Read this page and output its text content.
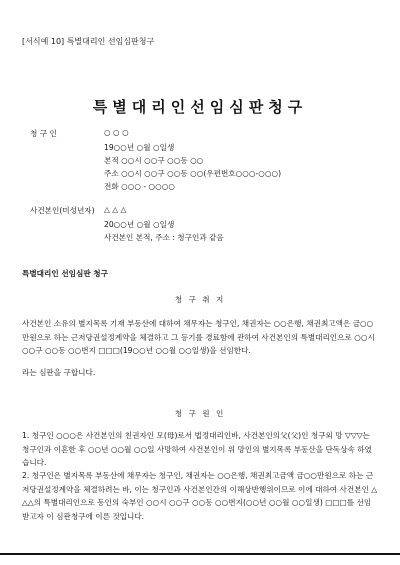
[서식예 10] 특별대리인 선임심판청구
특별대리인선임심판청구
청 구 인	○ ○ ○
19○○년 ○월 ○일생
본적 ○○시 ○○구 ○○동 ○○
주소 ○○시 ○○구 ○○동 ○○(우편번호○○○-○○○)
전화 ○○○ - ○○○○
사건본인(미성년자) △ △ △
20○○년 ○월 ○일생
사건본인 본적, 주소 : 청구인과 같음
특별대리인 선임심판 청구
청 구 취 지
사건본인 소유의 별지목록 기재 부동산에 대하여 채무자는 청구인, 채권자는 ○○은행, 채권최고액은 금○○만원으로 하는 근저당권설정계약을 체결하고 그 등기를 경료함에 관하여 사건본인의 특별대리인으로 ○○시 ○○구 ○○동 ○○번지 □□□(19○○년 ○○월 ○○일생)을 선임한다.
라는 심판을 구합니다.
청 구 원 인
1. 청구인 ○○○은 사건본인의 친권자인 모(母)로서 법정대리인바, 사건본인의父(父)인 청구외 망 ▽▽▽는 청구인과 이혼한 후 ○○년 ○○월 ○○일 사망하여 사건본인이 위 망인의 별지목록 부동산을 단독상속 하였습니다.
2. 청구인은 별지목록 부동산에 채무자는 청구인, 채권자는 ○○은행, 채권최고금액 금○○만원으로 하는 근저당권설정계약을 체결하려는 바, 이는 청구인과 사건본인간의 이해상반행위이므로 이에 대하여 사건본인 △△△의 특별대리인으로 동인의 숙부인 ○○시 ○○구 ○○동 ○○번지(○○년 ○○월 ○○일생) □□□를 선임 받고자 이 심판청구에 이른 것입니다.
